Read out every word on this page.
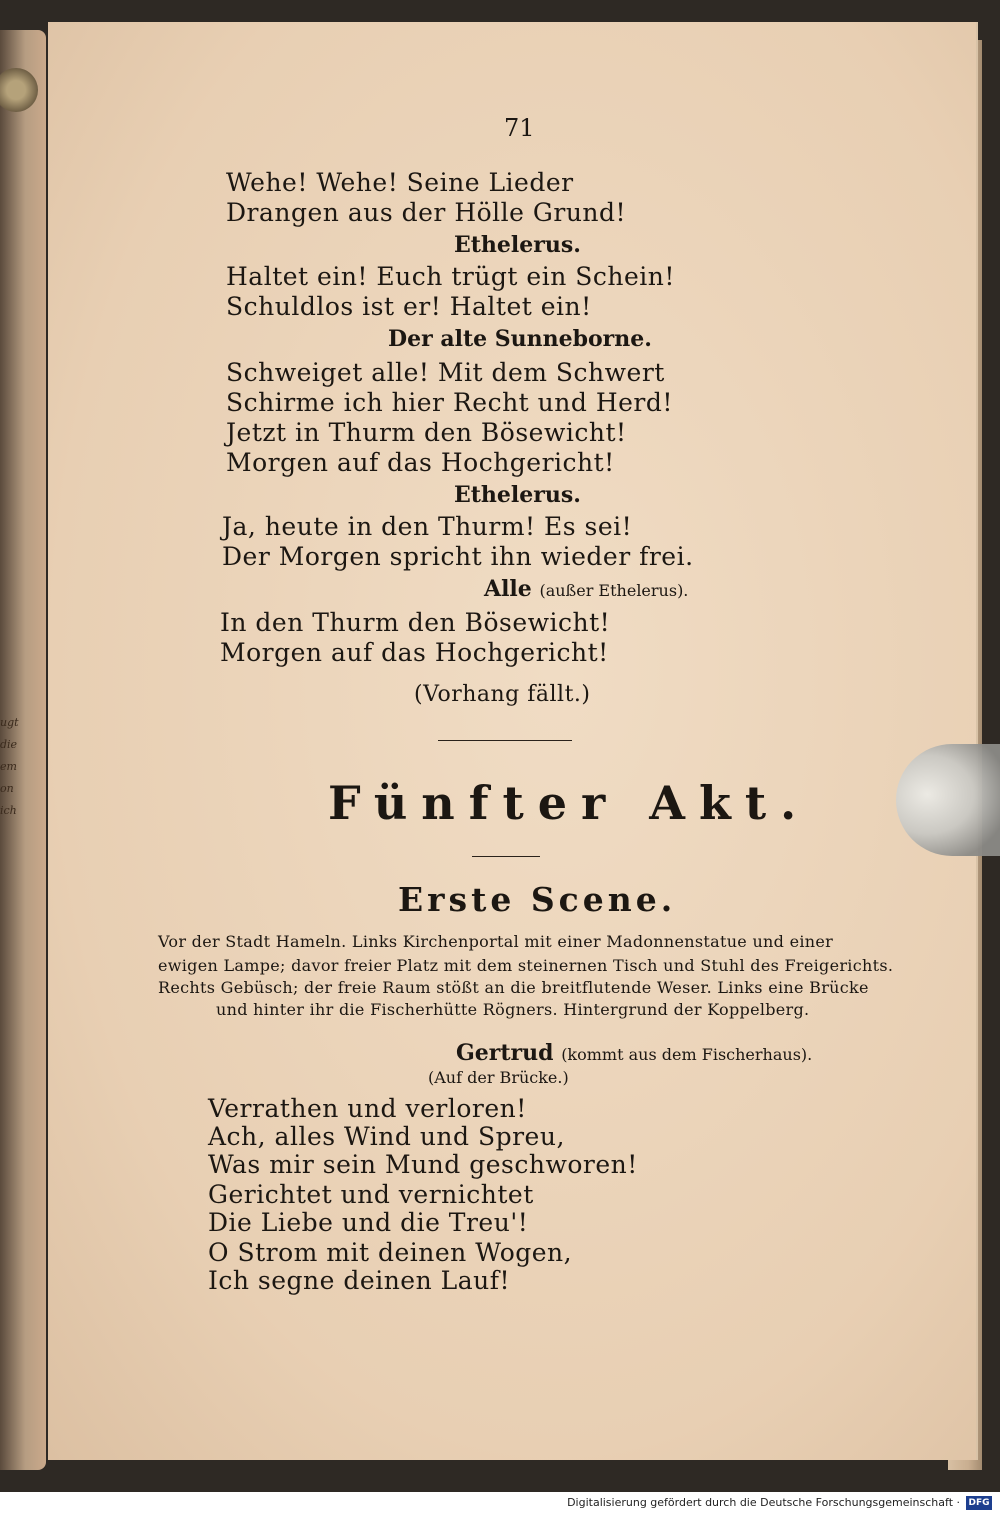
ugt
die
em
on
ich
71
Wehe! Wehe! Seine Lieder
Drangen aus der Hölle Grund!
Ethelerus.
Haltet ein! Euch trügt ein Schein!
Schuldlos ist er! Haltet ein!
Der alte Sunneborne.
Schweiget alle! Mit dem Schwert
Schirme ich hier Recht und Herd!
Jetzt in Thurm den Bösewicht!
Morgen auf das Hochgericht!
Ethelerus.
Ja, heute in den Thurm! Es sei!
Der Morgen spricht ihn wieder frei.
Alle (außer Ethelerus).
In den Thurm den Bösewicht!
Morgen auf das Hochgericht!
(Vorhang fällt.)
Fünfter Akt.
Erste Scene.
Vor der Stadt Hameln. Links Kirchenportal mit einer Madonnenstatue und einer
ewigen Lampe; davor freier Platz mit dem steinernen Tisch und Stuhl des Freigerichts.
Rechts Gebüsch; der freie Raum stößt an die breitflutende Weser. Links eine Brücke
und hinter ihr die Fischerhütte Rögners. Hintergrund der Koppelberg.
Gertrud (kommt aus dem Fischerhaus).
(Auf der Brücke.)
Verrathen und verloren!
Ach, alles Wind und Spreu,
Was mir sein Mund geschworen!
Gerichtet und vernichtet
Die Liebe und die Treu'!
O Strom mit deinen Wogen,
Ich segne deinen Lauf!
Digitalisierung gefördert durch die Deutsche Forschungsgemeinschaft · DFG
